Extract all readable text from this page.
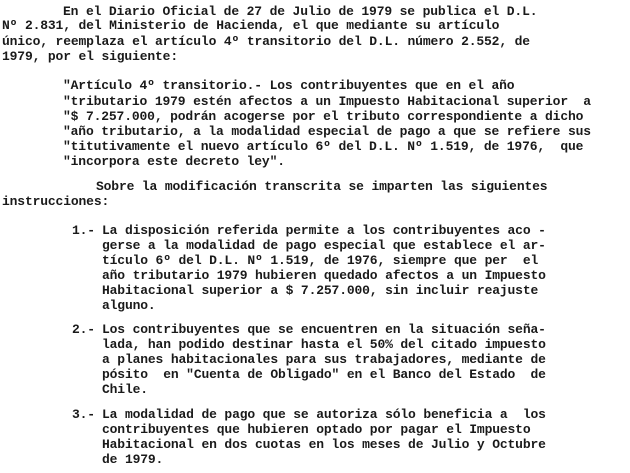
En el Diario Oficial de 27 de Julio de 1979 se publica el D.L.
Nº 2.831, del Ministerio de Hacienda, el que mediante su artículo
único, reemplaza el artículo 4º transitorio del D.L. número 2.552, de
1979, por el siguiente:
"Artículo 4º transitorio.- Los contribuyentes que en el año
"tributario 1979 estén afectos a un Impuesto Habitacional superior  a
"$ 7.257.000, podrán acogerse por el tributo correspondiente a dicho
"año tributario, a la modalidad especial de pago a que se refiere sus
"titutivamente el nuevo artículo 6º del D.L. Nº 1.519, de 1976,  que
"incorpora este decreto ley".
Sobre la modificación transcrita se imparten las siguientes
instrucciones:
1.- La disposición referida permite a los contribuyentes aco -
gerse a la modalidad de pago especial que establece el ar-
tículo 6º del D.L. Nº 1.519, de 1976, siempre que per  el
año tributario 1979 hubieren quedado afectos a un Impuesto
Habitacional superior a $ 7.257.000, sin incluir reajuste
alguno.
2.- Los contribuyentes que se encuentren en la situación seña-
lada, han podido destinar hasta el 50% del citado impuesto
a planes habitacionales para sus trabajadores, mediante de
pósito  en "Cuenta de Obligado" en el Banco del Estado  de
Chile.
3.- La modalidad de pago que se autoriza sólo beneficia a  los
contribuyentes que hubieren optado por pagar el Impuesto
Habitacional en dos cuotas en los meses de Julio y Octubre
de 1979.
